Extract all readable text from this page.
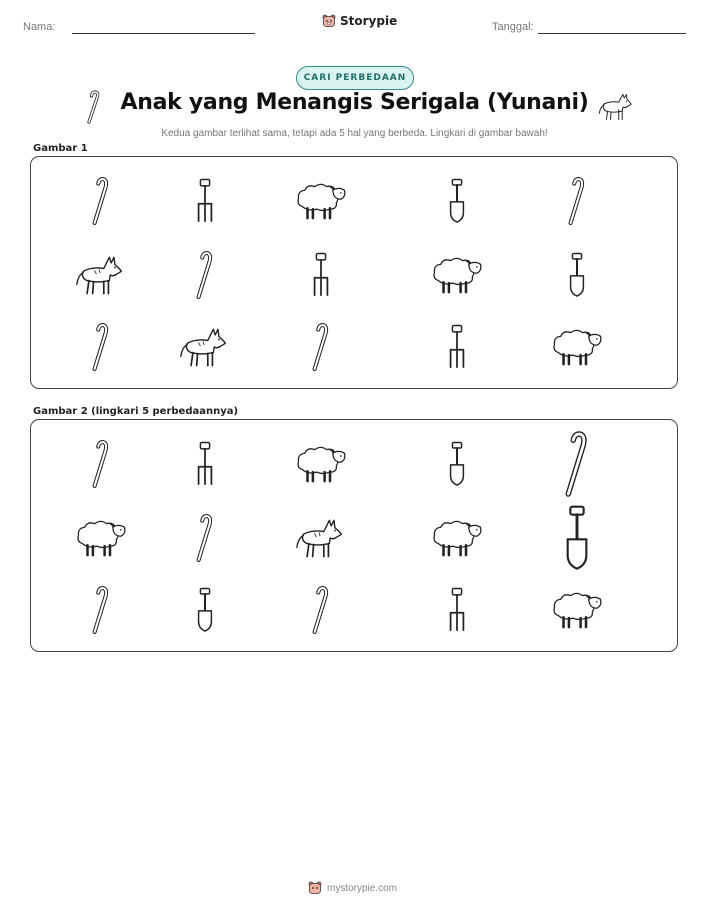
Nama:	Storypie	Tanggal:
CARI PERBEDAAN
Anak yang Menangis Serigala (Yunani)
Kedua gambar terlihat sama, tetapi ada 5 hal yang berbeda. Lingkari di gambar bawah!
Gambar 1
Gambar 2 (lingkari 5 perbedaannya)
mystorypie.com
